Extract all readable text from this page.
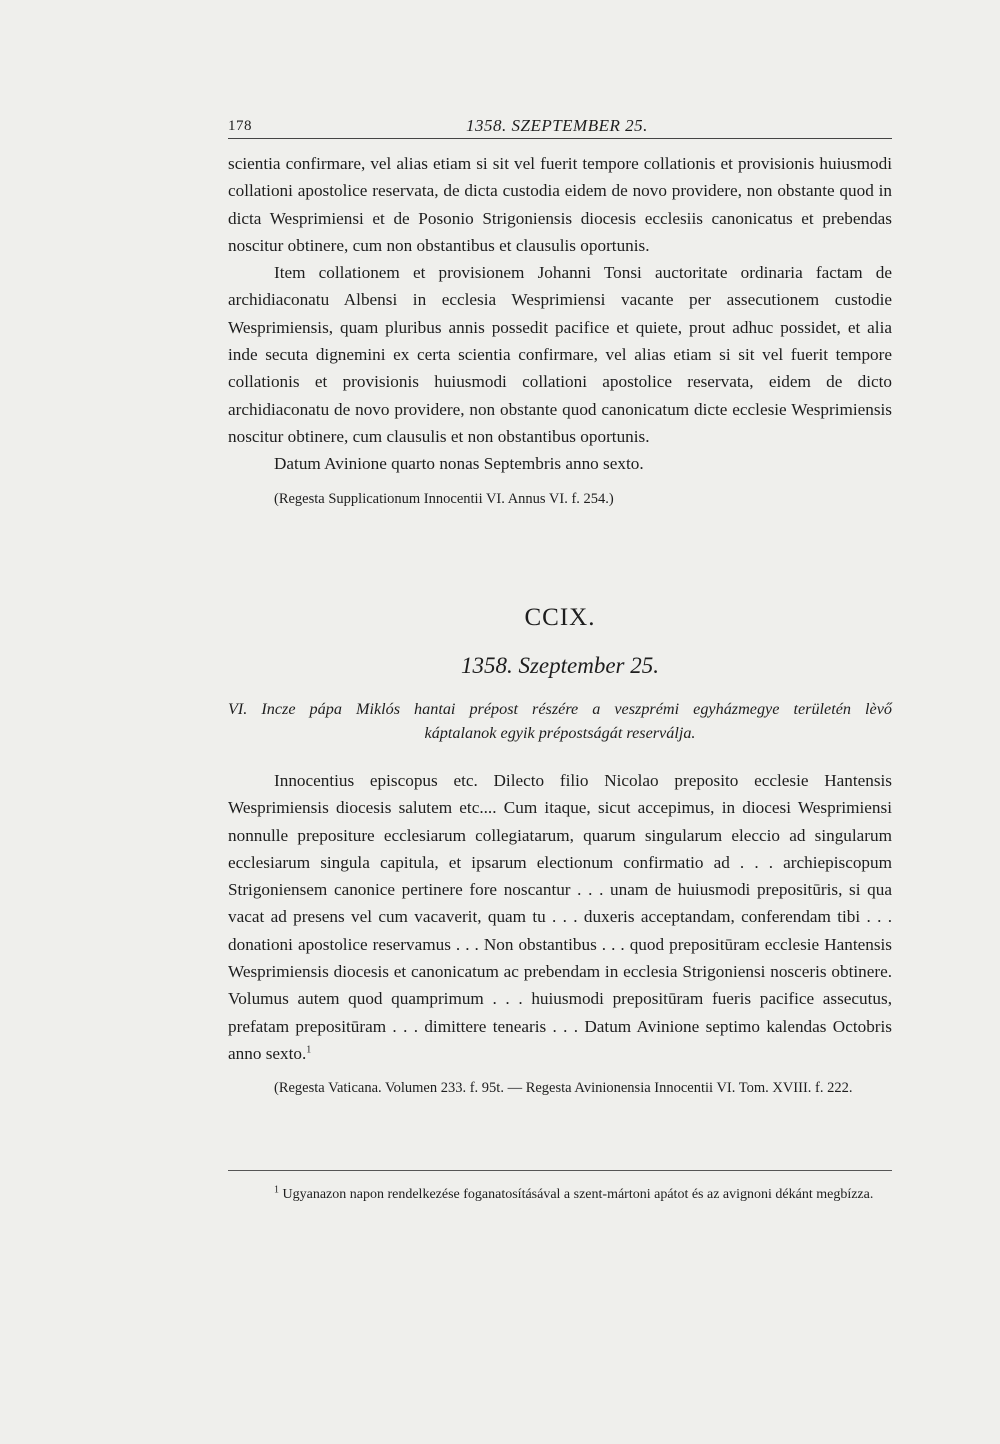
178	1358. SZEPTEMBER 25.

scientia confirmare, vel alias etiam si sit vel fuerit tempore collationis et provisionis huiusmodi collationi apostolice reservata, de dicta custodia eidem de novo providere, non obstante quod in dicta Wesprimiensi et de Posonio Strigoniensis diocesis ecclesiis canonicatus et prebendas noscitur obtinere, cum non obstantibus et clausulis oportunis.

Item collationem et provisionem Johanni Tonsi auctoritate ordinaria factam de archidiaconatu Albensi in ecclesia Wesprimiensi vacante per assecutionem custodie Wesprimiensis, quam pluribus annis possedit pacifice et quiete, prout adhuc possidet, et alia inde secuta dignemini ex certa scientia confirmare, vel alias etiam si sit vel fuerit tempore collationis et provisionis huiusmodi collationi apostolice reservata, eidem de dicto archidiaconatu de novo providere, non obstante quod canonicatum dicte ecclesie Wesprimiensis noscitur obtinere, cum clausulis et non obstantibus oportunis.

Datum Avinione quarto nonas Septembris anno sexto.

(Regesta Supplicationum Innocentii VI. Annus VI. f. 254.)

CCIX.
1358. Szeptember 25.
VI. Incze pápa Miklós hantai prépost részére a veszprémi egyházmegye területén lèvő
káptalanok egyik prépostságát reserválja.

Innocentius episcopus etc. Dilecto filio Nicolao preposito ecclesie Hantensis Wesprimiensis diocesis salutem etc.... Cum itaque, sicut accepimus, in diocesi Wesprimiensi nonnulle prepositure ecclesiarum collegiatarum, quarum singularum eleccio ad singularum ecclesiarum singula capitula, et ipsarum electionum confirmatio ad . . . archiepiscopum Strigoniensem canonice pertinere fore noscantur . . . unam de huiusmodi prepositūris, si qua vacat ad presens vel cum vacaverit, quam tu . . . duxeris acceptandam, conferendam tibi . . . donationi apostolice reservamus . . . Non obstantibus . . . quod prepositūram ecclesie Hantensis Wesprimiensis diocesis et canonicatum ac prebendam in ecclesia Strigoniensi nosceris obtinere. Volumus autem quod quamprimum . . . huiusmodi prepositūram fueris pacifice assecutus, prefatam prepositūram . . . dimittere tenearis . . . Datum Avinione septimo kalendas Octobris anno sexto.$^1$

(Regesta Vaticana. Volumen 233. f. 95t. — Regesta Avinionensia Innocentii VI. Tom. XVIII. f. 222.

$^1$ Ugyanazon napon rendelkezése foganatosításával a szent-mártoni apátot és az avignoni dékánt megbízza.
